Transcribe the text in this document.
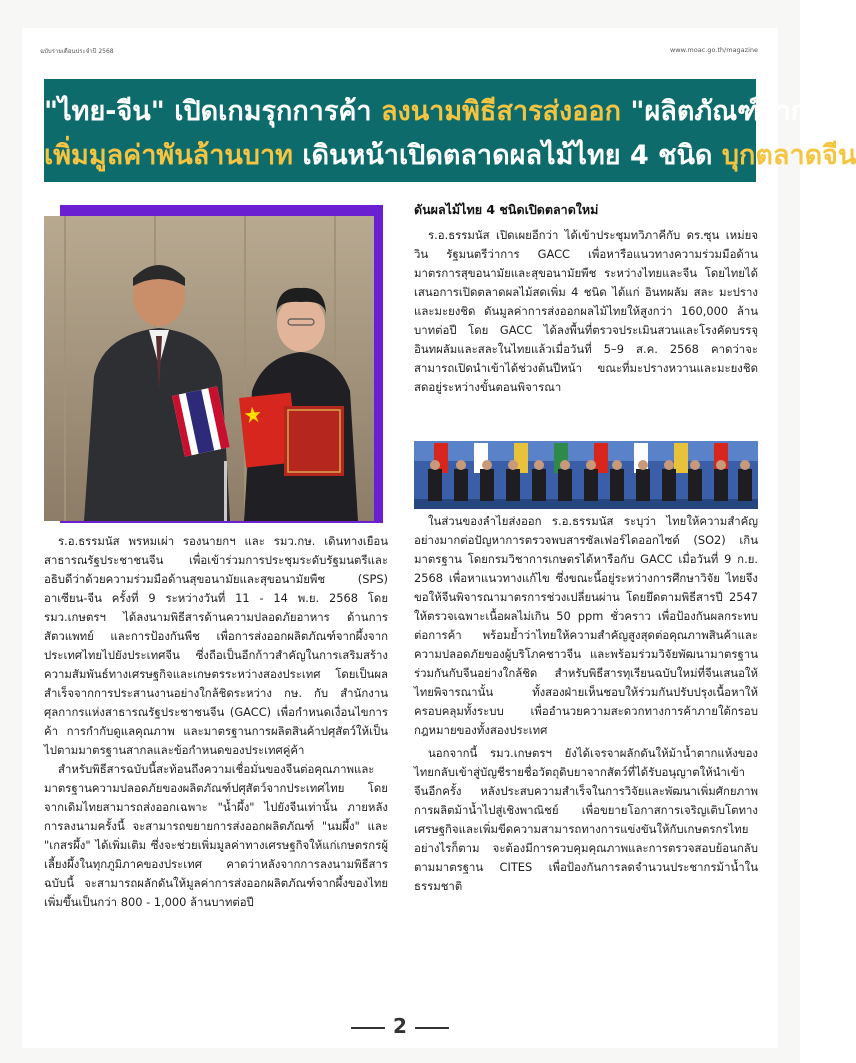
ฉบับรายเดือนประจำปี 2568	www.moac.go.th/magazine
"ไทย-จีน" เปิดเกมรุกการค้า ลงนามพิธีสารส่งออก "ผลิตภัณฑ์จากผึ้ง"
เพิ่มมูลค่าพันล้านบาท เดินหน้าเปิดตลาดผลไม้ไทย 4 ชนิด บุกตลาดจีน

ร.อ.ธรรมนัส พรหมเผ่า รองนายกฯ และ รมว.กษ. เดินทางเยือนสาธารณรัฐประชาชนจีน เพื่อเข้าร่วมการประชุมระดับรัฐมนตรีและอธิบดีว่าด้วยความร่วมมือด้านสุขอนามัยและสุขอนามัยพืช (SPS) อาเซียน-จีน ครั้งที่ 9 ระหว่างวันที่ 11 - 14 พ.ย. 2568 โดย รมว.เกษตรฯ ได้ลงนามพิธีสารด้านความปลอดภัยอาหาร ด้านการสัตวแพทย์ และการป้องกันพืช เพื่อการส่งออกผลิตภัณฑ์จากผึ้งจากประเทศไทยไปยังประเทศจีน ซึ่งถือเป็นอีกก้าวสำคัญในการเสริมสร้างความสัมพันธ์ทางเศรษฐกิจและเกษตรระหว่างสองประเทศ โดยเป็นผลสำเร็จจากการประสานงานอย่างใกล้ชิดระหว่าง กษ. กับ สำนักงานศุลกากรแห่งสาธารณรัฐประชาชนจีน (GACC) เพื่อกำหนดเงื่อนไขการค้า การกำกับดูแลคุณภาพ และมาตรฐานการผลิตสินค้าปศุสัตว์ให้เป็นไปตามมาตรฐานสากลและข้อกำหนดของประเทศคู่ค้า

สำหรับพิธีสารฉบับนี้สะท้อนถึงความเชื่อมั่นของจีนต่อคุณภาพและมาตรฐานความปลอดภัยของผลิตภัณฑ์ปศุสัตว์จากประเทศไทย โดยจากเดิมไทยสามารถส่งออกเฉพาะ "น้ำผึ้ง" ไปยังจีนเท่านั้น ภายหลังการลงนามครั้งนี้ จะสามารถขยายการส่งออกผลิตภัณฑ์ "นมผึ้ง" และ "เกสรผึ้ง" ได้เพิ่มเติม ซึ่งจะช่วยเพิ่มมูลค่าทางเศรษฐกิจให้แก่เกษตรกรผู้เลี้ยงผึ้งในทุกภูมิภาคของประเทศ คาดว่าหลังจากการลงนามพิธีสารฉบับนี้ จะสามารถผลักดันให้มูลค่าการส่งออกผลิตภัณฑ์จากผึ้งของไทยเพิ่มขึ้นเป็นกว่า 800 - 1,000 ล้านบาทต่อปี

ดันผลไม้ไทย 4 ชนิดเปิดตลาดใหม่

ร.อ.ธรรมนัส เปิดเผยอีกว่า ได้เข้าประชุมทวิภาคีกับ ดร.ซุน เหม่ยจวิน รัฐมนตรีว่าการ GACC เพื่อหารือแนวทางความร่วมมือด้านมาตรการสุขอนามัยและสุขอนามัยพืช ระหว่างไทยและจีน โดยไทยได้เสนอการเปิดตลาดผลไม้สดเพิ่ม 4 ชนิด ได้แก่ อินทผลัม สละ มะปราง และมะยงชิด ดันมูลค่าการส่งออกผลไม้ไทยให้สูงกว่า 160,000 ล้านบาทต่อปี โดย GACC ได้ลงพื้นที่ตรวจประเมินสวนและโรงคัดบรรจุอินทผลัมและสละในไทยแล้วเมื่อวันที่ 5–9 ส.ค. 2568 คาดว่าจะสามารถเปิดนำเข้าได้ช่วงต้นปีหน้า ขณะที่มะปรางหวานและมะยงชิดสดอยู่ระหว่างขั้นตอนพิจารณา

ในส่วนของลำไยส่งออก ร.อ.ธรรมนัส ระบุว่า ไทยให้ความสำคัญอย่างมากต่อปัญหาการตรวจพบสารซัลเฟอร์ไดออกไซด์ (SO2) เกินมาตรฐาน โดยกรมวิชาการเกษตรได้หารือกับ GACC เมื่อวันที่ 9 ก.ย. 2568 เพื่อหาแนวทางแก้ไข ซึ่งขณะนี้อยู่ระหว่างการศึกษาวิจัย ไทยจึงขอให้จีนพิจารณามาตรการช่วงเปลี่ยนผ่าน โดยยึดตามพิธีสารปี 2547 ให้ตรวจเฉพาะเนื้อผลไม่เกิน 50 ppm ชั่วคราว เพื่อป้องกันผลกระทบต่อการค้า พร้อมย้ำว่าไทยให้ความสำคัญสูงสุดต่อคุณภาพสินค้าและความปลอดภัยของผู้บริโภคชาวจีน และพร้อมร่วมวิจัยพัฒนามาตรฐานร่วมกันกับจีนอย่างใกล้ชิด สำหรับพิธีสารทุเรียนฉบับใหม่ที่จีนเสนอให้ไทยพิจารณานั้น ทั้งสองฝ่ายเห็นชอบให้ร่วมกันปรับปรุงเนื้อหาให้ครอบคลุมทั้งระบบ เพื่ออำนวยความสะดวกทางการค้าภายใต้กรอบกฎหมายของทั้งสองประเทศ

นอกจากนี้ รมว.เกษตรฯ ยังได้เจรจาผลักดันให้ม้าน้ำตากแห้งของไทยกลับเข้าสู่บัญชีรายชื่อวัตถุดิบยาจากสัตว์ที่ได้รับอนุญาตให้นำเข้าจีนอีกครั้ง หลังประสบความสำเร็จในการวิจัยและพัฒนาเพิ่มศักยภาพการผลิตม้าน้ำไปสู่เชิงพาณิชย์ เพื่อขยายโอกาสการเจริญเติบโตทางเศรษฐกิจและเพิ่มขีดความสามารถทางการแข่งขันให้กับเกษตรกรไทย อย่างไรก็ตาม จะต้องมีการควบคุมคุณภาพและการตรวจสอบย้อนกลับตามมาตรฐาน CITES เพื่อป้องกันการลดจำนวนประชากรม้าน้ำในธรรมชาติ

2
